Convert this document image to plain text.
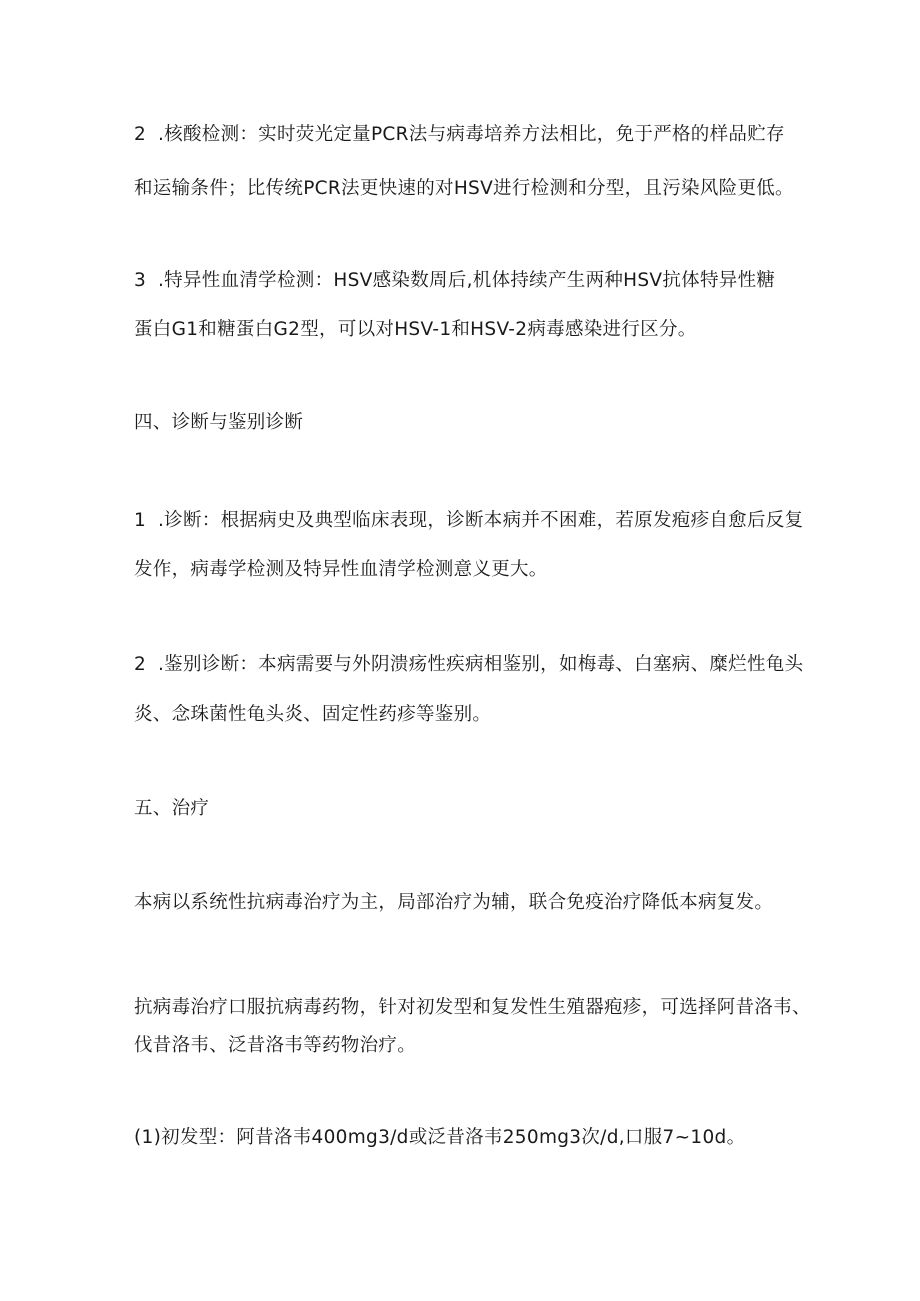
2 .核酸检测：实时荧光定量PCR法与病毒培养方法相比，免于严格的样品贮存
和运输条件；比传统PCR法更快速的对HSV进行检测和分型，且污染风险更低。
3 .特异性血清学检测：HSV感染数周后,机体持续产生两种HSV抗体特异性糖
蛋白G1和糖蛋白G2型，可以对HSV-1和HSV-2病毒感染进行区分。
四、诊断与鉴别诊断
1 .诊断：根据病史及典型临床表现，诊断本病并不困难，若原发疱疹自愈后反复
发作，病毒学检测及特异性血清学检测意义更大。
2 .鉴别诊断：本病需要与外阴溃疡性疾病相鉴别，如梅毒、白塞病、糜烂性龟头
炎、念珠菌性龟头炎、固定性药疹等鉴别。
五、治疗
本病以系统性抗病毒治疗为主，局部治疗为辅，联合免疫治疗降低本病复发。
抗病毒治疗口服抗病毒药物，针对初发型和复发性生殖器疱疹，可选择阿昔洛韦、
伐昔洛韦、泛昔洛韦等药物治疗。
(1)初发型：阿昔洛韦400mg3/d或泛昔洛韦250mg3次/d,口服7~10d。
